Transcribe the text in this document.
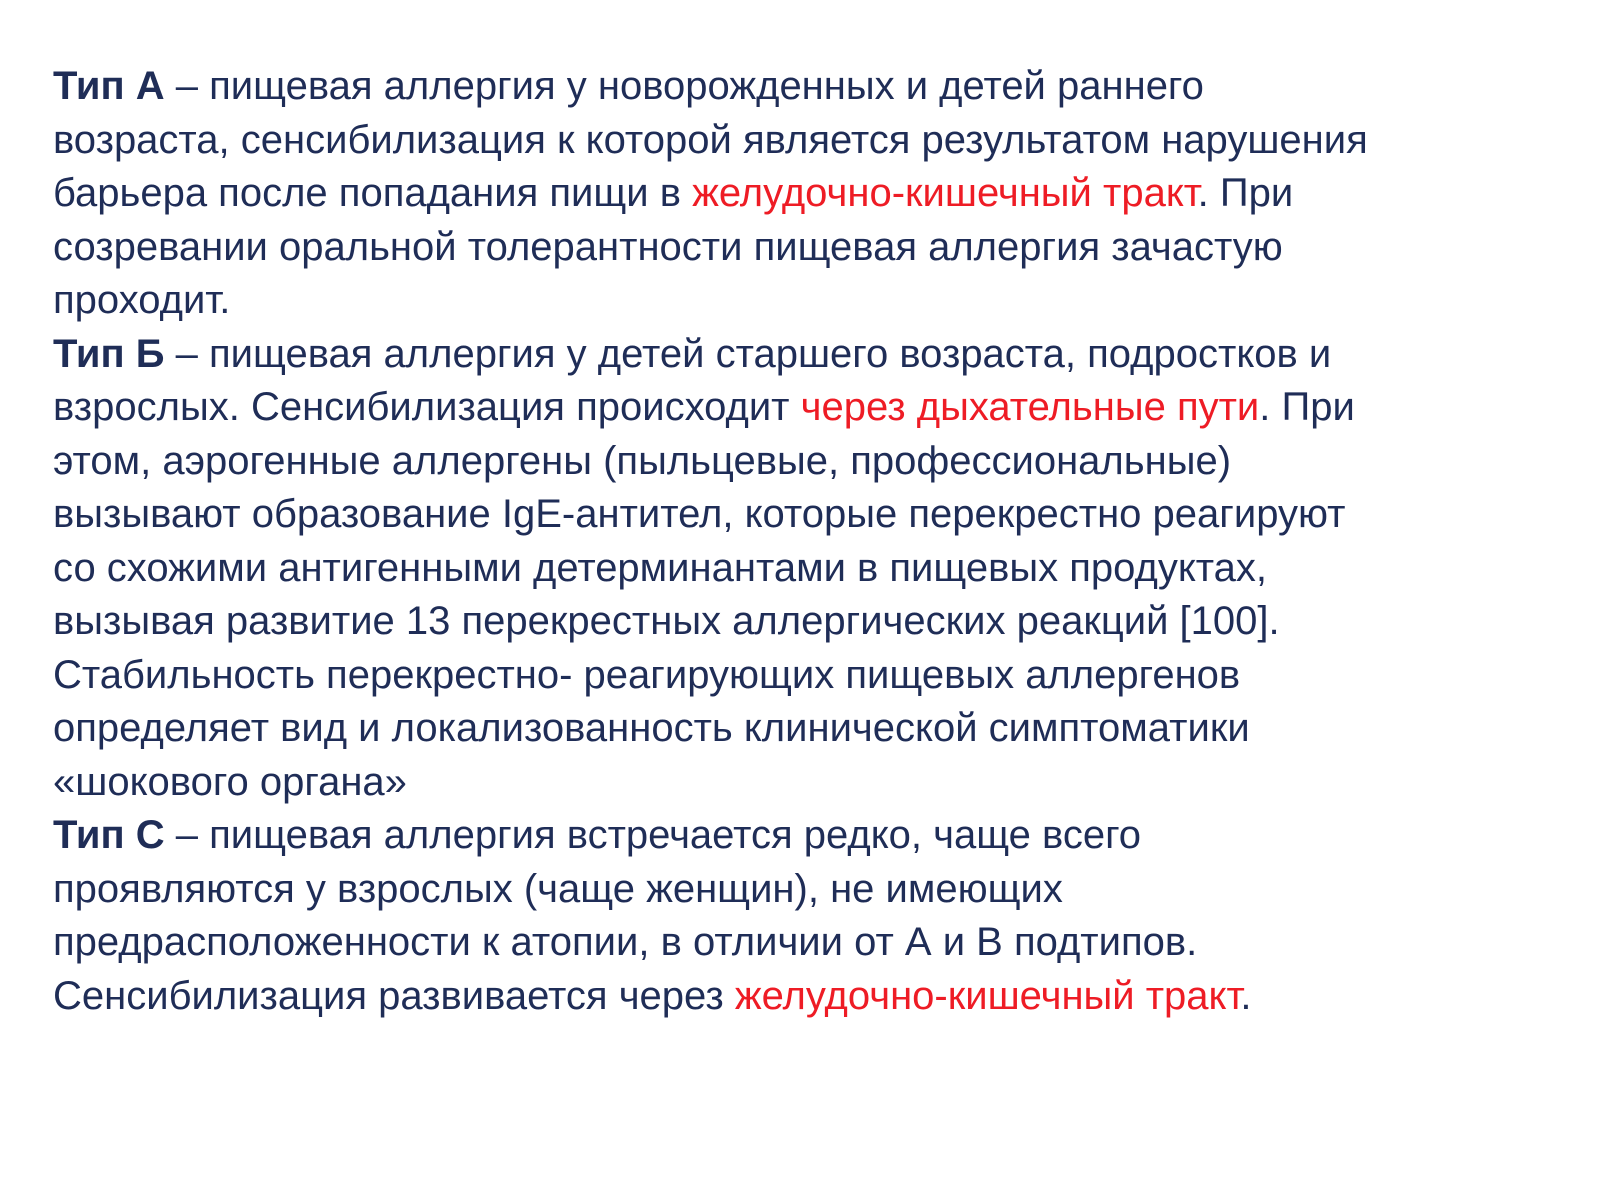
Тип А – пищевая аллергия у новорожденных и детей раннего
возраста, сенсибилизация к которой является результатом нарушения
барьера после попадания пищи в желудочно-кишечный тракт. При
созревании оральной толерантности пищевая аллергия зачастую
проходит.
Тип Б – пищевая аллергия у детей старшего возраста, подростков и
взрослых. Сенсибилизация происходит через дыхательные пути. При
этом, аэрогенные аллергены (пыльцевые, профессиональные)
вызывают образование IgE-антител, которые перекрестно реагируют
со схожими антигенными детерминантами в пищевых продуктах,
вызывая развитие 13 перекрестных аллергических реакций [100].
Стабильность перекрестно- реагирующих пищевых аллергенов
определяет вид и локализованность клинической симптоматики
«шокового органа»
Тип С – пищевая аллергия встречается редко, чаще всего
проявляются у взрослых (чаще женщин), не имеющих
предрасположенности к атопии, в отличии от А и В подтипов.
Сенсибилизация развивается через желудочно-кишечный тракт.
